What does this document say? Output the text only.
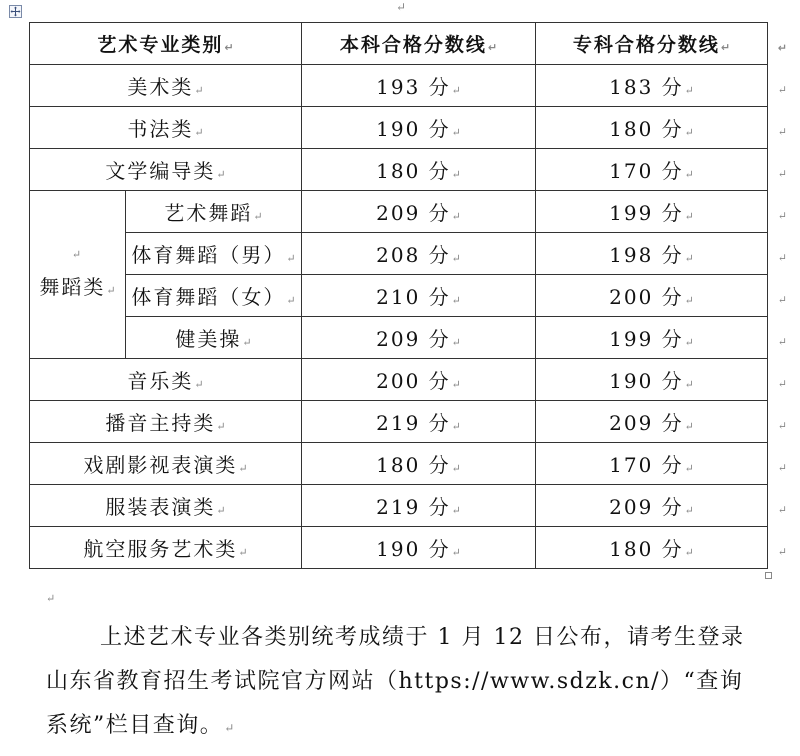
↵
艺术专业类别↵		本科合格分数线↵	专科合格分数线↵ ↵

美术类↵		193 分↵	183 分↵ ↵

书法类↵		190 分↵	180 分↵ ↵

文学编导类↵		180 分↵	170 分↵ ↵

↵
舞蹈类↵	艺术舞蹈↵	209 分↵	199 分↵ ↵

	体育舞蹈（男）↵	208 分↵	198 分↵ ↵

	体育舞蹈（女）↵	210 分↵	200 分↵ ↵

	健美操↵	209 分↵	199 分↵ ↵

音乐类↵		200 分↵	190 分↵ ↵

播音主持类↵		219 分↵	209 分↵ ↵

戏剧影视表演类↵		180 分↵	170 分↵ ↵

服装表演类↵		219 分↵	209 分↵ ↵

航空服务艺术类↵		190 分↵	180 分↵ ↵
↵

上述艺术专业各类别统考成绩于 1 月 12 日公布，请考生登录山东省教育招生考试院官方网站（https://www.sdzk.cn/）“查询系统”栏目查询。↵
